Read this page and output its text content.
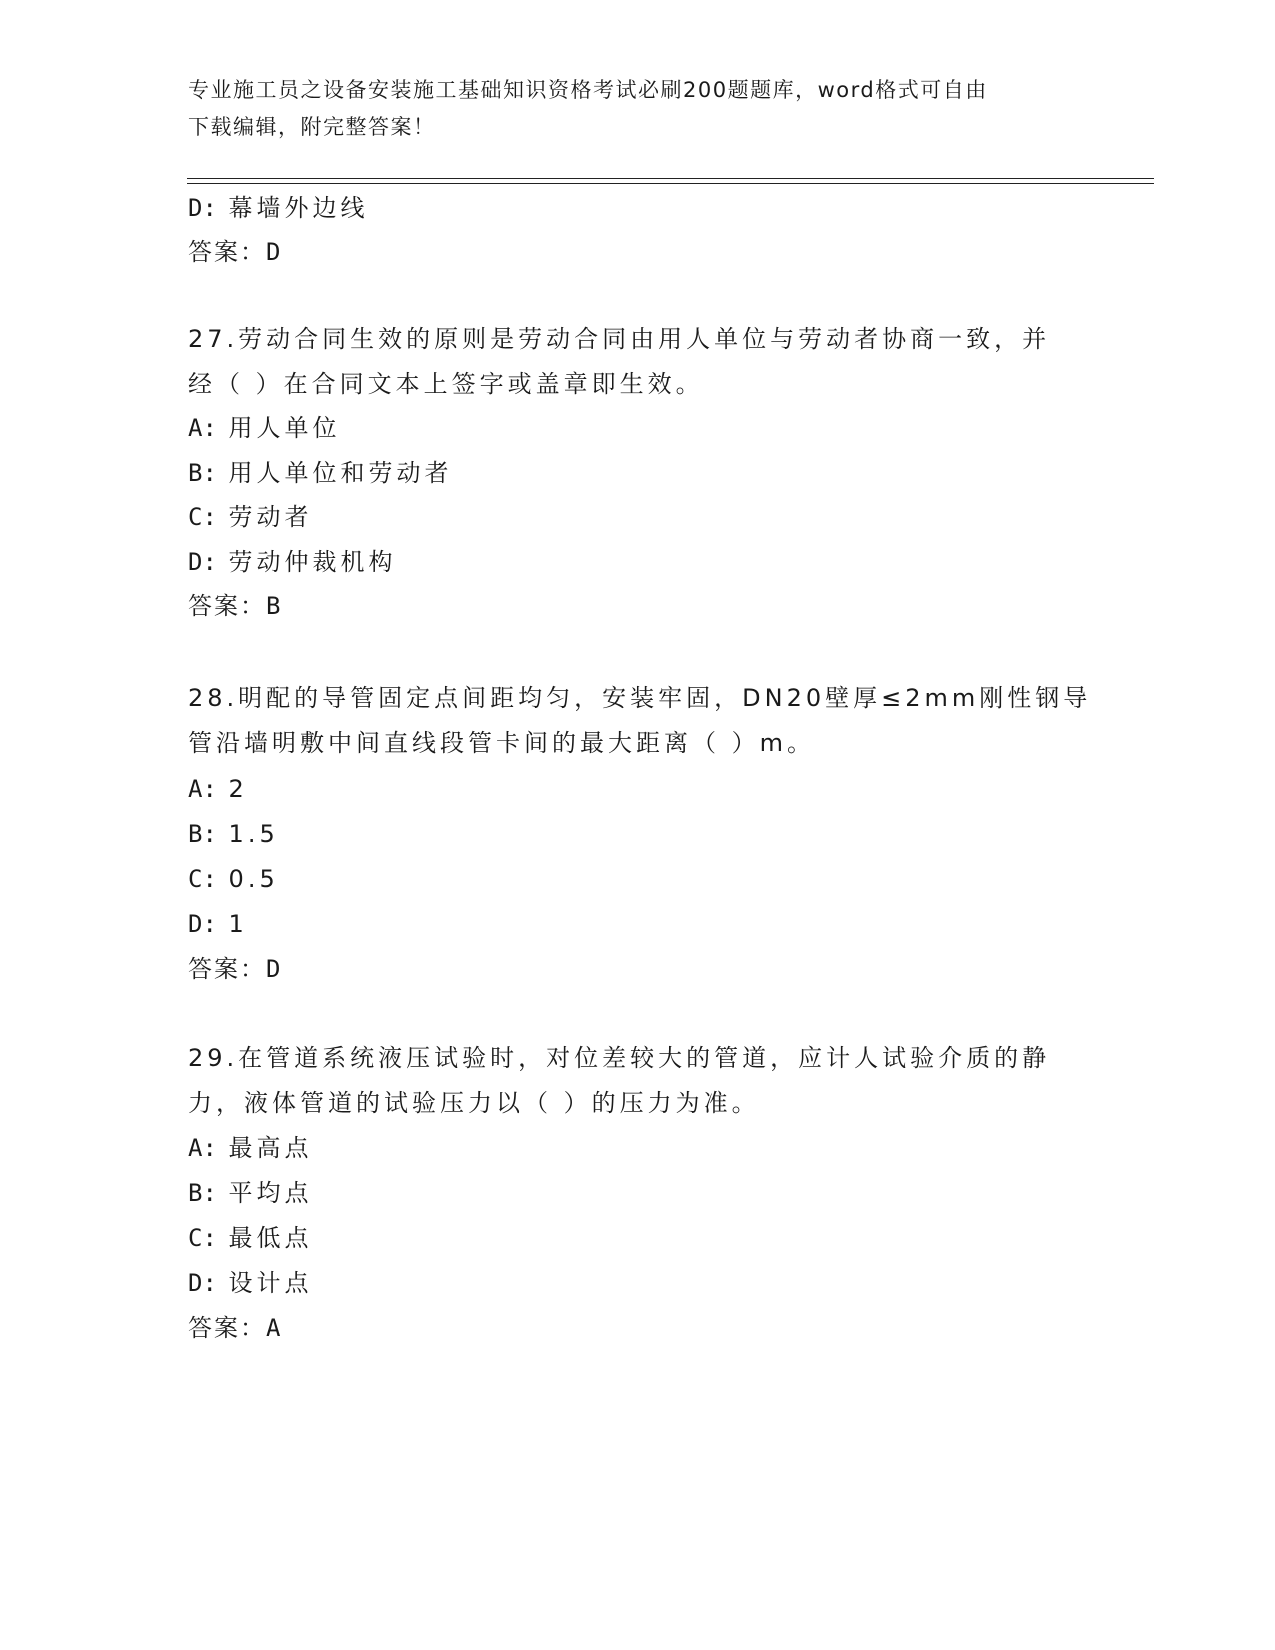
专业施工员之设备安装施工基础知识资格考试必刷200题题库，word格式可自由
下载编辑，附完整答案！
D: 幕墙外边线
答案：D
27.劳动合同生效的原则是劳动合同由用人单位与劳动者协商一致，并
经（ ）在合同文本上签字或盖章即生效。
A: 用人单位
B: 用人单位和劳动者
C: 劳动者
D: 劳动仲裁机构
答案：B
28.明配的导管固定点间距均匀，安装牢固，DN20壁厚≤2mm刚性钢导
管沿墙明敷中间直线段管卡间的最大距离（ ）m。
A: 2
B: 1.5
C: 0.5
D: 1
答案：D
29.在管道系统液压试验时，对位差较大的管道，应计人试验介质的静
力，液体管道的试验压力以（ ）的压力为准。
A: 最高点
B: 平均点
C: 最低点
D: 设计点
答案：A
